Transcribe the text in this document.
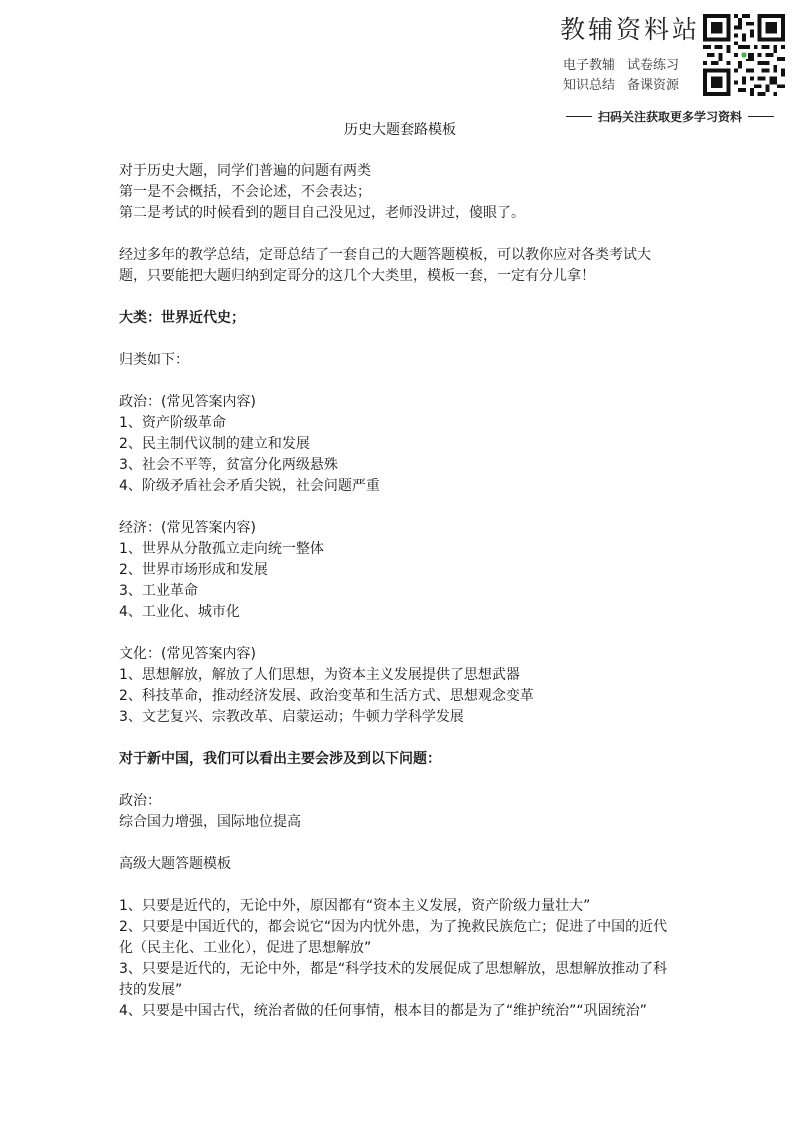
教辅资料站
电子教辅 试卷练习
知识总结 备课资源
扫码关注获取更多学习资料
历史大题套路模板

对于历史大题，同学们普遍的问题有两类

第一是不会概括，不会论述，不会表达；

第二是考试的时候看到的题目自己没见过，老师没讲过，傻眼了。

经过多年的教学总结，定哥总结了一套自己的大题答题模板，可以教你应对各类考试大

题，只要能把大题归纳到定哥分的这几个大类里，模板一套，一定有分儿拿！

大类：世界近代史；

归类如下：

政治：(常见答案内容)

1、资产阶级革命

2、民主制代议制的建立和发展

3、社会不平等，贫富分化两级悬殊

4、阶级矛盾社会矛盾尖锐，社会问题严重

经济：(常见答案内容)

1、世界从分散孤立走向统一整体

2、世界市场形成和发展

3、工业革命

4、工业化、城市化

文化：(常见答案内容)

1、思想解放，解放了人们思想，为资本主义发展提供了思想武器

2、科技革命，推动经济发展、政治变革和生活方式、思想观念变革

3、文艺复兴、宗教改革、启蒙运动；牛顿力学科学发展

对于新中国，我们可以看出主要会涉及到以下问题：

政治：

综合国力增强，国际地位提高

高级大题答题模板

1、只要是近代的，无论中外，原因都有“资本主义发展，资产阶级力量壮大”

2、只要是中国近代的，都会说它“因为内忧外患，为了挽救民族危亡；促进了中国的近代

化（民主化、工业化），促进了思想解放”

3、只要是近代的，无论中外，都是“科学技术的发展促成了思想解放，思想解放推动了科

技的发展”

4、只要是中国古代，统治者做的任何事情，根本目的都是为了“维护统治”“巩固统治”
